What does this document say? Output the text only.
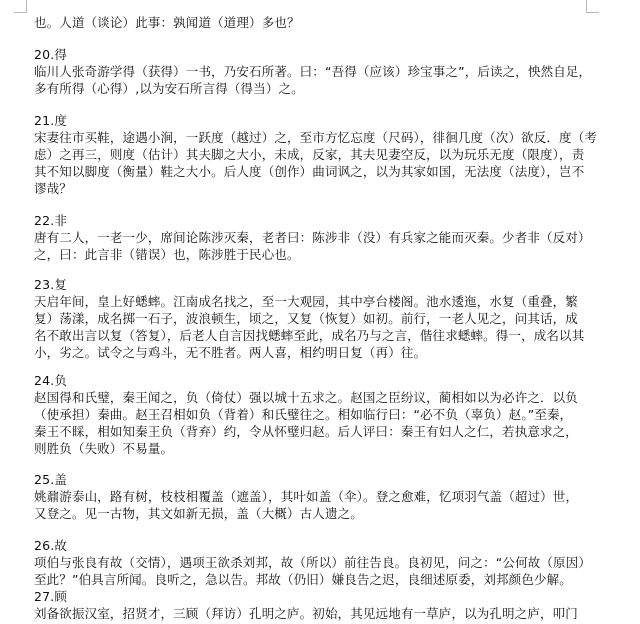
也。人道（谈论）此事：孰闻道（道理）多也？
20.得
临川人张奇游学得（获得）一书，乃安石所著。曰：“吾得（应该）珍宝事之”，后读之，怏然自足，
多有所得（心得）,以为安石所言得（得当）之。
21.度
宋妻往市买鞋，途遇小涧，一跃度（越过）之，至市方忆忘度（尺码），徘徊几度（次）欲反．度（考
虑）之再三，则度（估计）其夫脚之大小，未成，反家，其夫见妻空反，以为玩乐无度（限度），责
其不知以脚度（衡量）鞋之大小。后人度（创作）曲词讽之，以为其家如国，无法度（法度），岂不
谬哉？
22.非
唐有二人，一老一少，席间论陈涉灭秦，老者曰：陈涉非（没）有兵家之能而灭秦。少者非（反对）
之，曰：此言非（错误）也，陈涉胜于民心也。
23.复
天启年间，皇上好蟋蟀。江南成名找之，至一大观园，其中亭台楼阁。池水逶迤，水复（重叠，繁
复）荡漾，成名掷一石子，波浪顿生，顷之，又复（恢复）如初。前行，一老人见之，问其话，成
名不敢出言以复（答复），后老人自言因找蟋蟀至此，成名乃与之言，偕往求蟋蟀。得一，成名以其
小，劣之。试令之与鸡斗，无不胜者。两人喜，相约明日复（再）往。
24.负
赵国得和氏璧，秦王闻之，负（倚仗）强以城十五求之。赵国之臣纷议，蔺相如以为必许之．以负
（使承担）秦曲。赵王召相如负（背着）和氏璧往之。相如临行曰：“必不负（辜负）赵。”至秦，
秦王不睬，相如知秦王负（背弃）约，令从怀璧归赵。后人评曰：秦王有妇人之仁，若执意求之，
则胜负（失败）不易量。
25.盖
姚鼐游泰山，路有树，枝枝相覆盖（遮盖），其叶如盖（伞）。登之愈难，忆项羽气盖（超过）世，
又登之。见一古物，其文如新无损，盖（大概）古人遗之。
26.故
项伯与张良有故（交情），遇项王欲杀刘邦，故（所以）前往告良。良初见，问之：“公何故（原因）
至此？”伯具言所闻。良听之，急以告。邦故（仍旧）嫌良告之迟，良细述原委，刘邦颜色少解。
27.顾
刘备欲振汉室，招贤才，三顾（拜访）孔明之庐。初始，其见远地有一草庐，以为孔明之庐，叩门
